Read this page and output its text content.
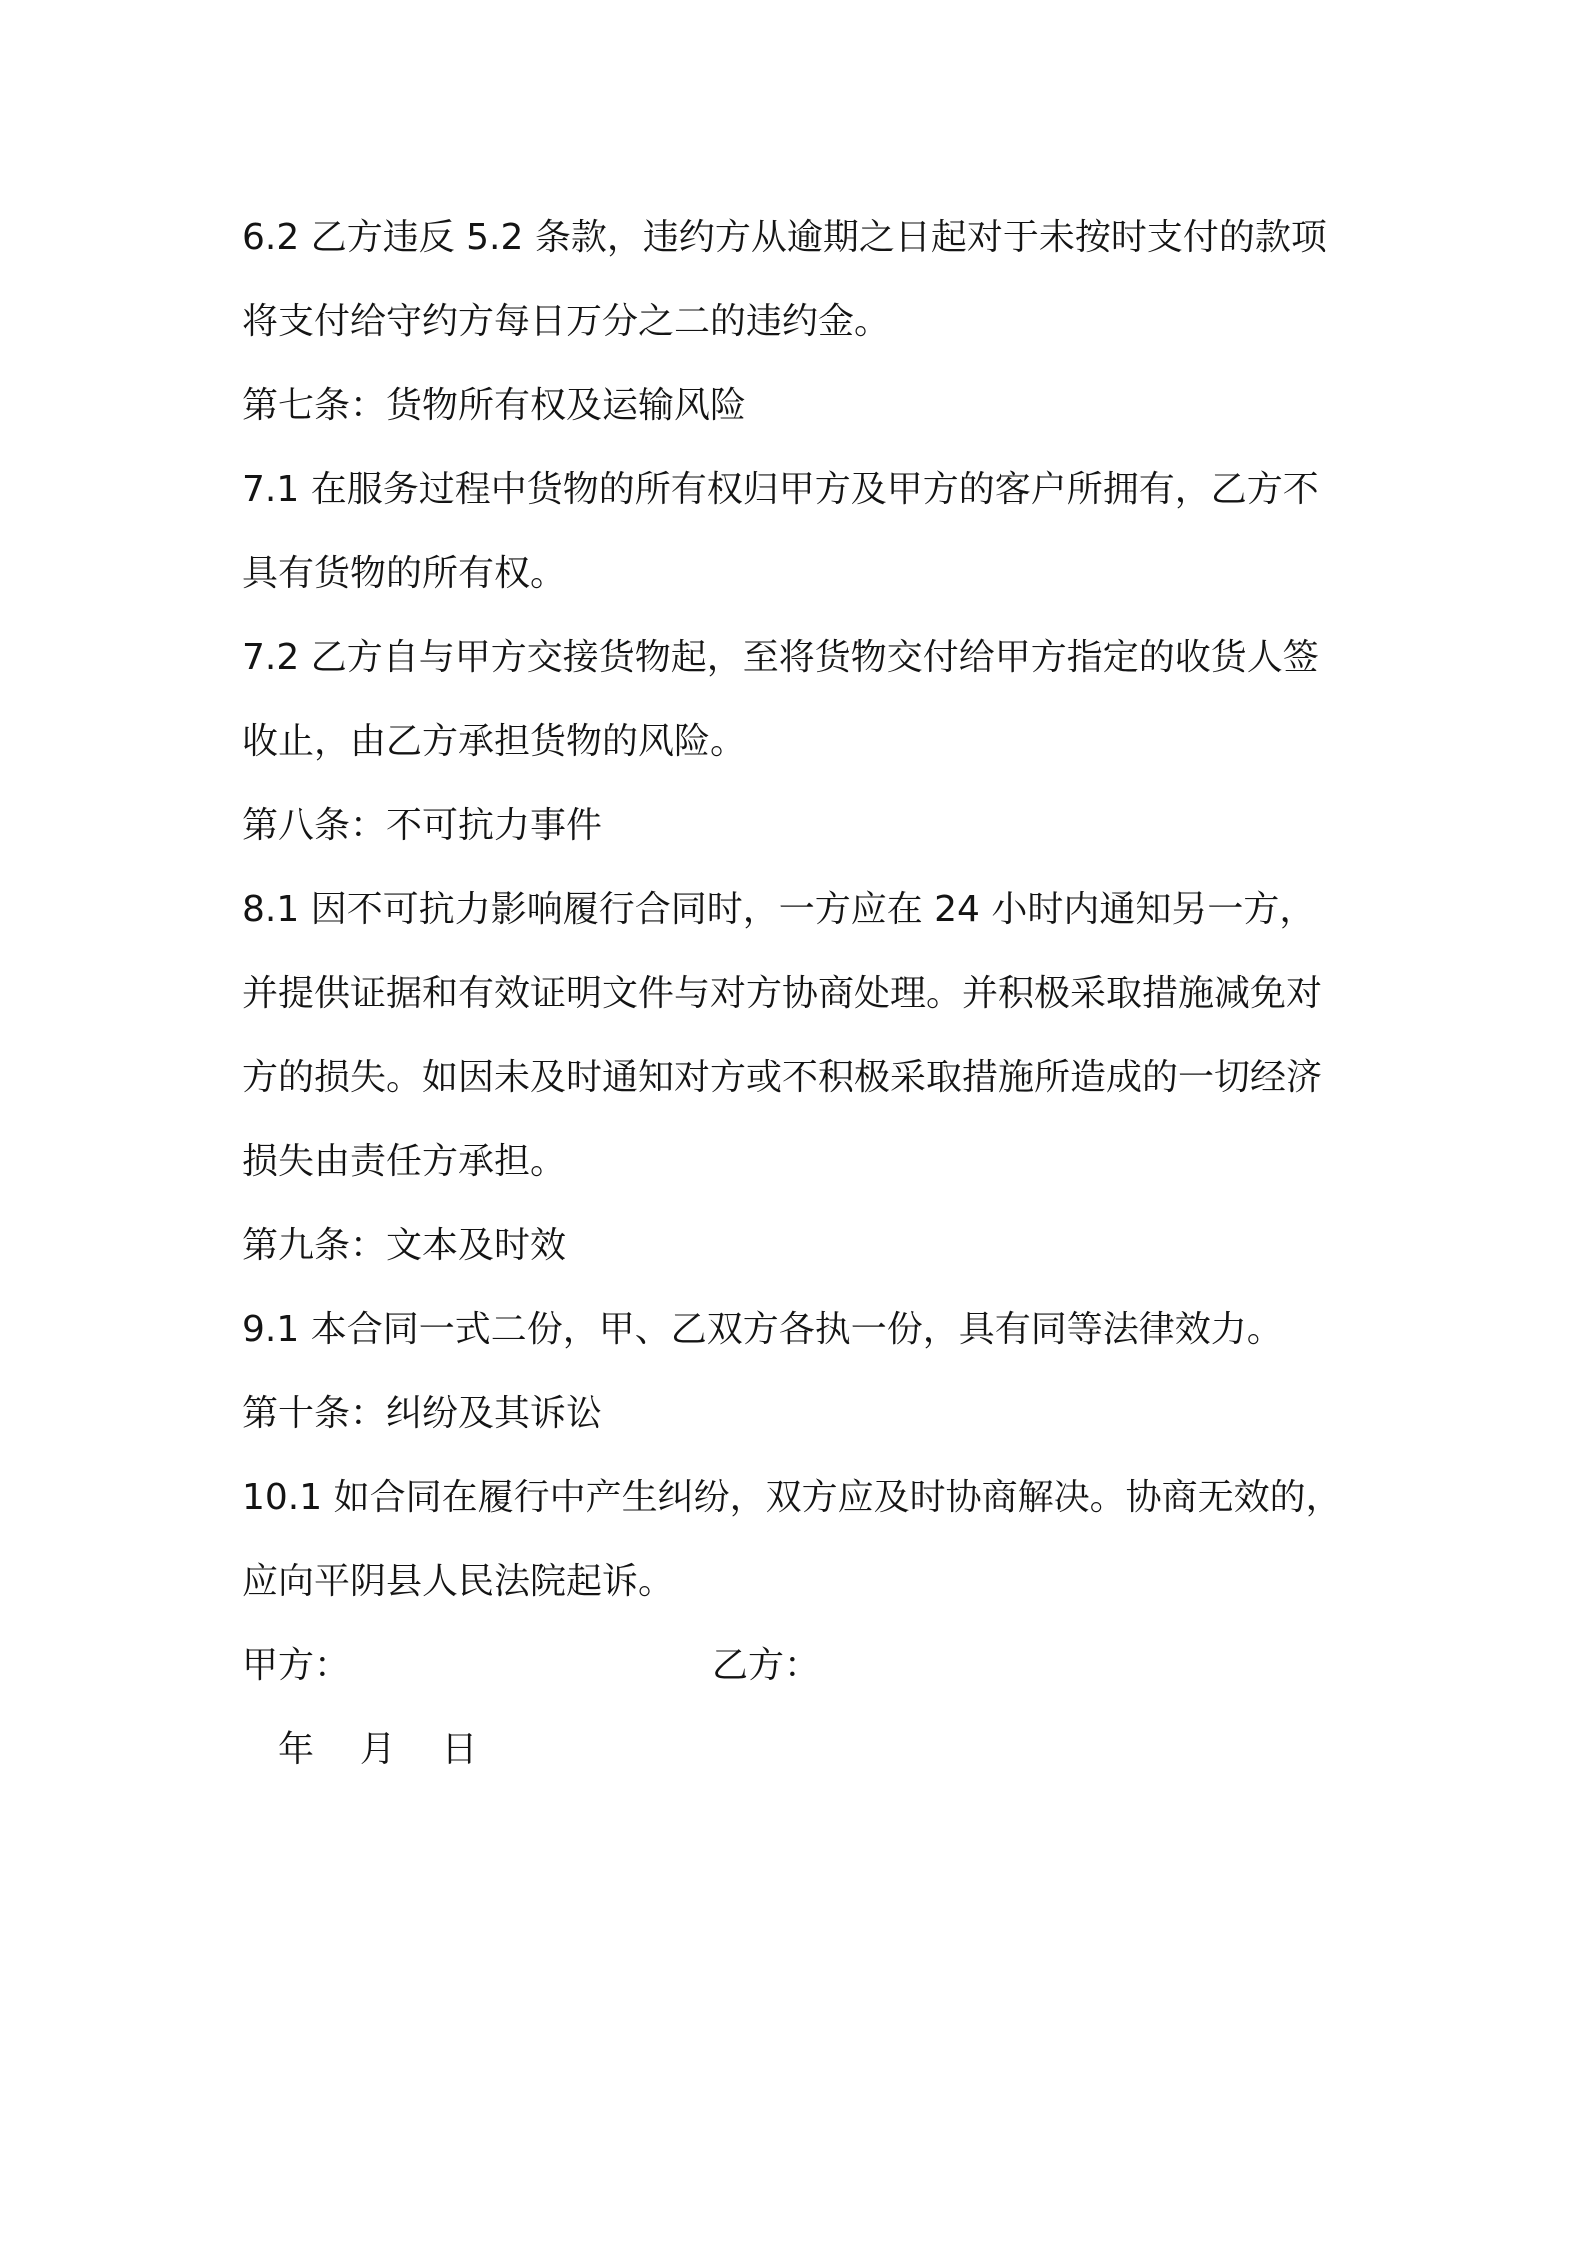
6.2 乙方违反 5.2 条款，违约方从逾期之日起对于未按时支付的款项
将支付给守约方每日万分之二的违约金。
第七条：货物所有权及运输风险
7.1 在服务过程中货物的所有权归甲方及甲方的客户所拥有，乙方不
具有货物的所有权。
7.2 乙方自与甲方交接货物起，至将货物交付给甲方指定的收货人签
收止，由乙方承担货物的风险。
第八条：不可抗力事件
8.1 因不可抗力影响履行合同时，一方应在 24 小时内通知另一方，
并提供证据和有效证明文件与对方协商处理。并积极采取措施减免对
方的损失。如因未及时通知对方或不积极采取措施所造成的一切经济
损失由责任方承担。
第九条：文本及时效
9.1 本合同一式二份，甲、乙双方各执一份，具有同等法律效力。
第十条：纠纷及其诉讼
10.1 如合同在履行中产生纠纷，双方应及时协商解决。协商无效的，
应向平阴县人民法院起诉。
甲方：	乙方：
年    月    日
